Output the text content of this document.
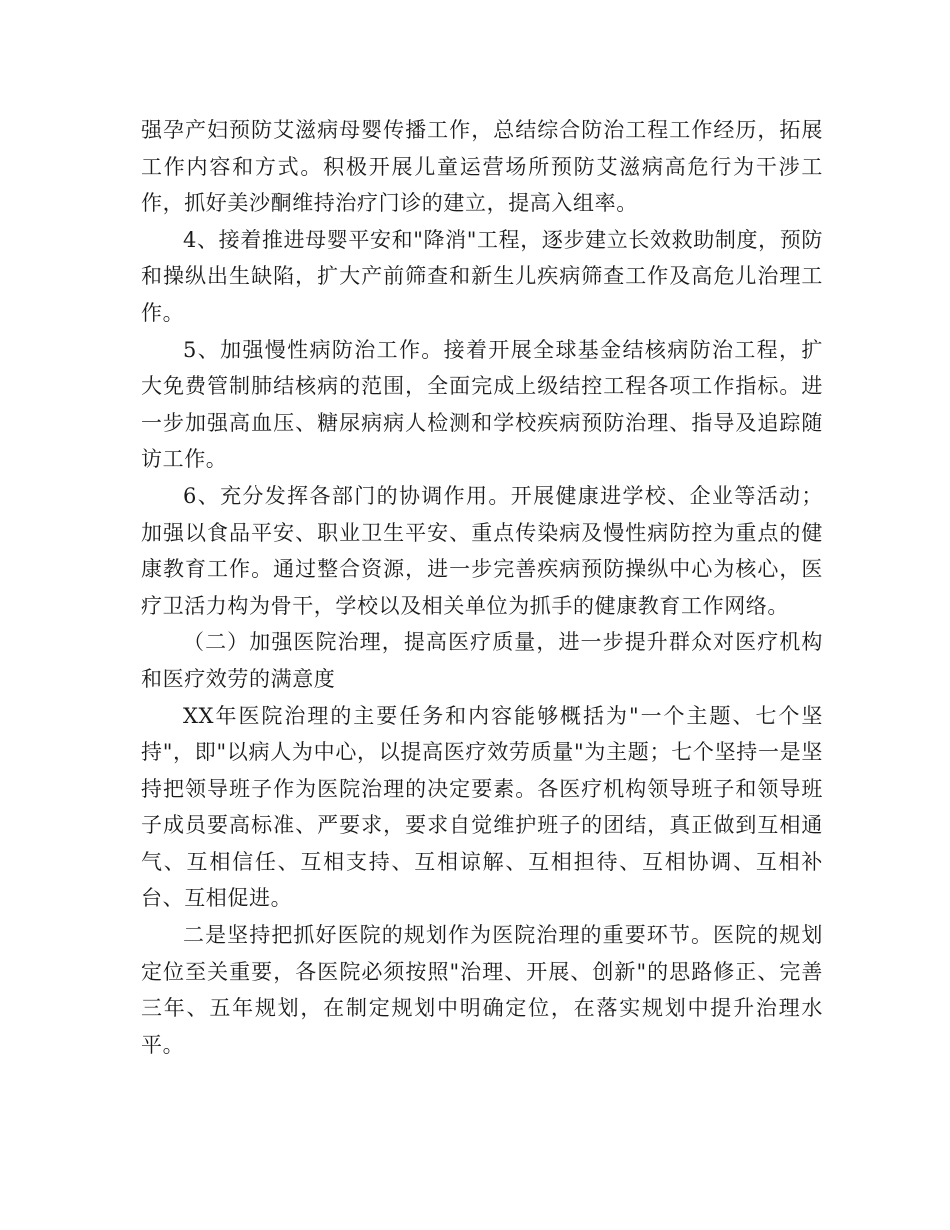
强孕产妇预防艾滋病母婴传播工作，总结综合防治工程工作经历，拓展工作内容和方式。积极开展儿童运营场所预防艾滋病高危行为干涉工作，抓好美沙酮维持治疗门诊的建立，提高入组率。

4、接着推进母婴平安和"降消"工程，逐步建立长效救助制度，预防和操纵出生缺陷，扩大产前筛查和新生儿疾病筛查工作及高危儿治理工作。

5、加强慢性病防治工作。接着开展全球基金结核病防治工程，扩大免费管制肺结核病的范围，全面完成上级结控工程各项工作指标。进一步加强高血压、糖尿病病人检测和学校疾病预防治理、指导及追踪随访工作。

6、充分发挥各部门的协调作用。开展健康进学校、企业等活动；加强以食品平安、职业卫生平安、重点传染病及慢性病防控为重点的健康教育工作。通过整合资源，进一步完善疾病预防操纵中心为核心，医疗卫活力构为骨干，学校以及相关单位为抓手的健康教育工作网络。

（二）加强医院治理，提高医疗质量，进一步提升群众对医疗机构和医疗效劳的满意度

XX年医院治理的主要任务和内容能够概括为"一个主题、七个坚持"，即"以病人为中心，以提高医疗效劳质量"为主题；七个坚持一是坚持把领导班子作为医院治理的决定要素。各医疗机构领导班子和领导班子成员要高标准、严要求，要求自觉维护班子的团结，真正做到互相通气、互相信任、互相支持、互相谅解、互相担待、互相协调、互相补台、互相促进。

二是坚持把抓好医院的规划作为医院治理的重要环节。医院的规划定位至关重要，各医院必须按照"治理、开展、创新"的思路修正、完善三年、五年规划，在制定规划中明确定位，在落实规划中提升治理水平。
